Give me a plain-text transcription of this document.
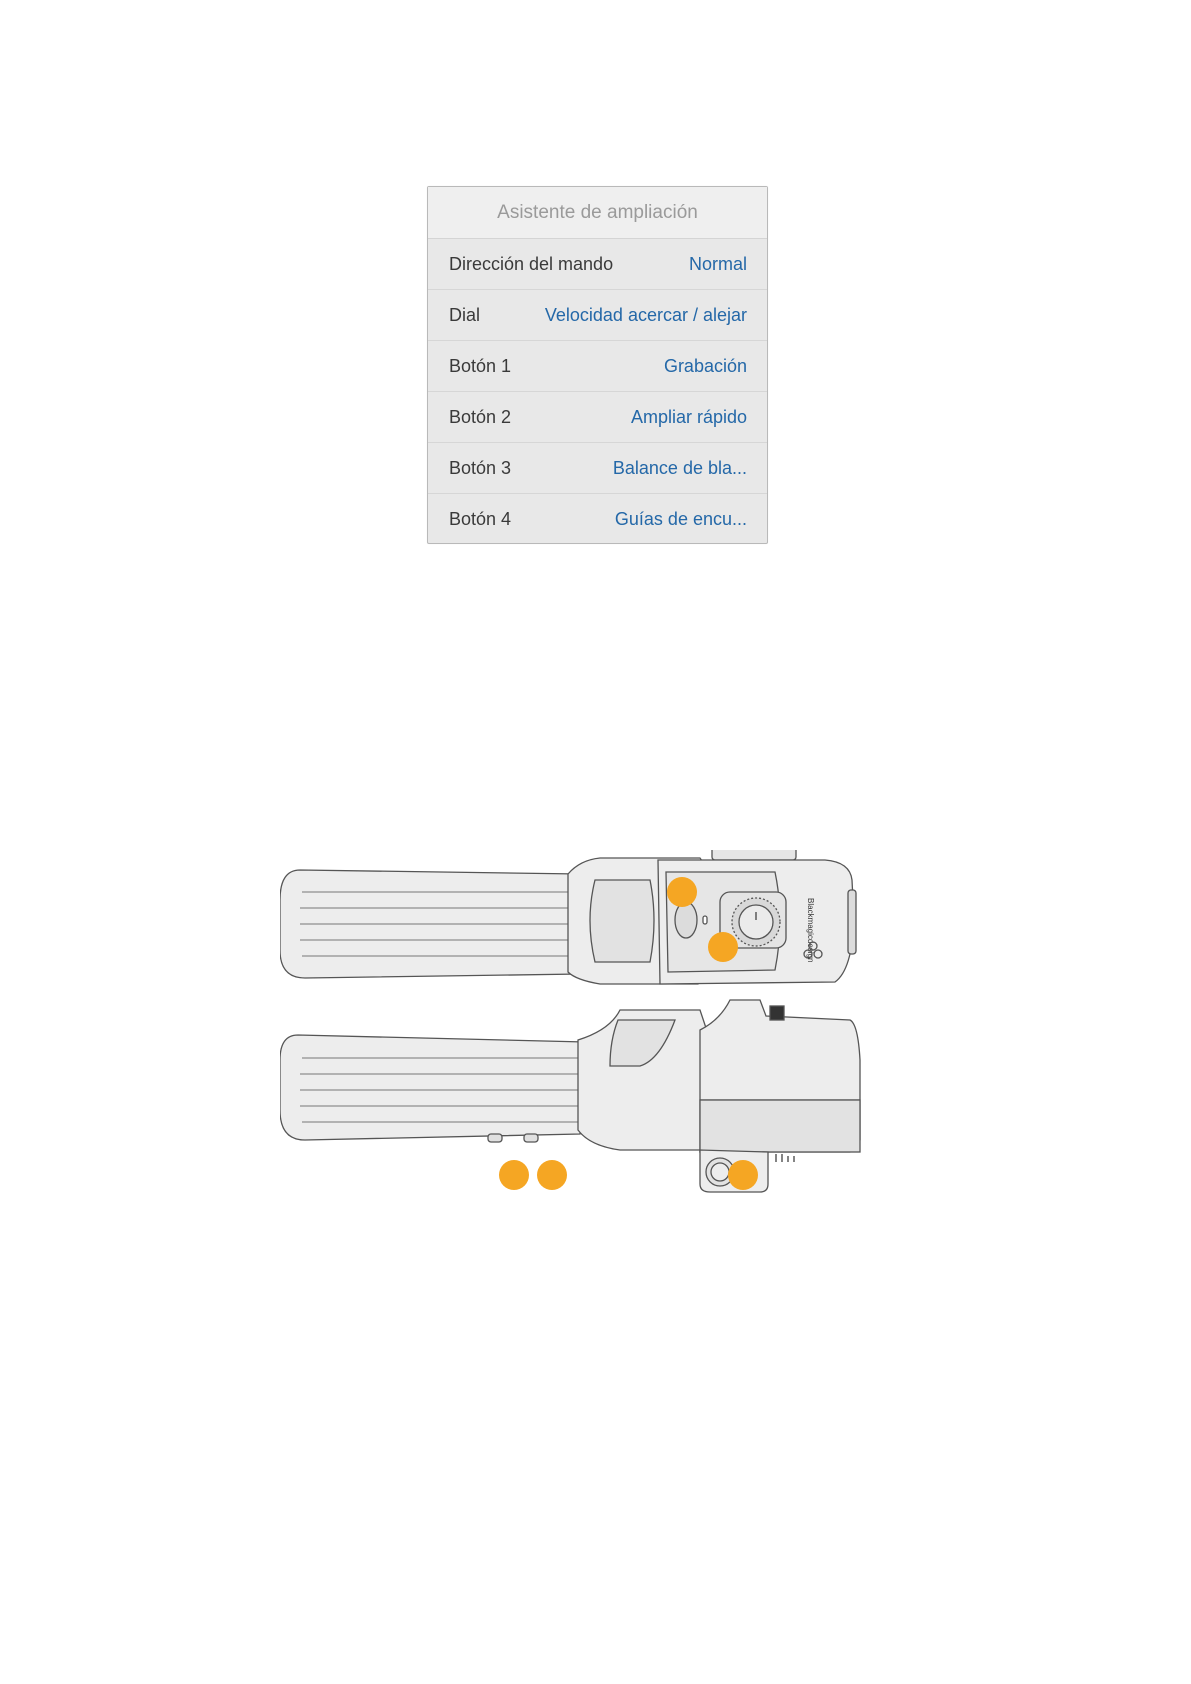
Asistente de ampliación
Dirección del mando	Normal
Dial	Velocidad acercar / alejar
Botón 1	Grabación
Botón 2	Ampliar rápido
Botón 3	Balance de bla...
Botón 4	Guías de encu...
Blackmagicdesign
